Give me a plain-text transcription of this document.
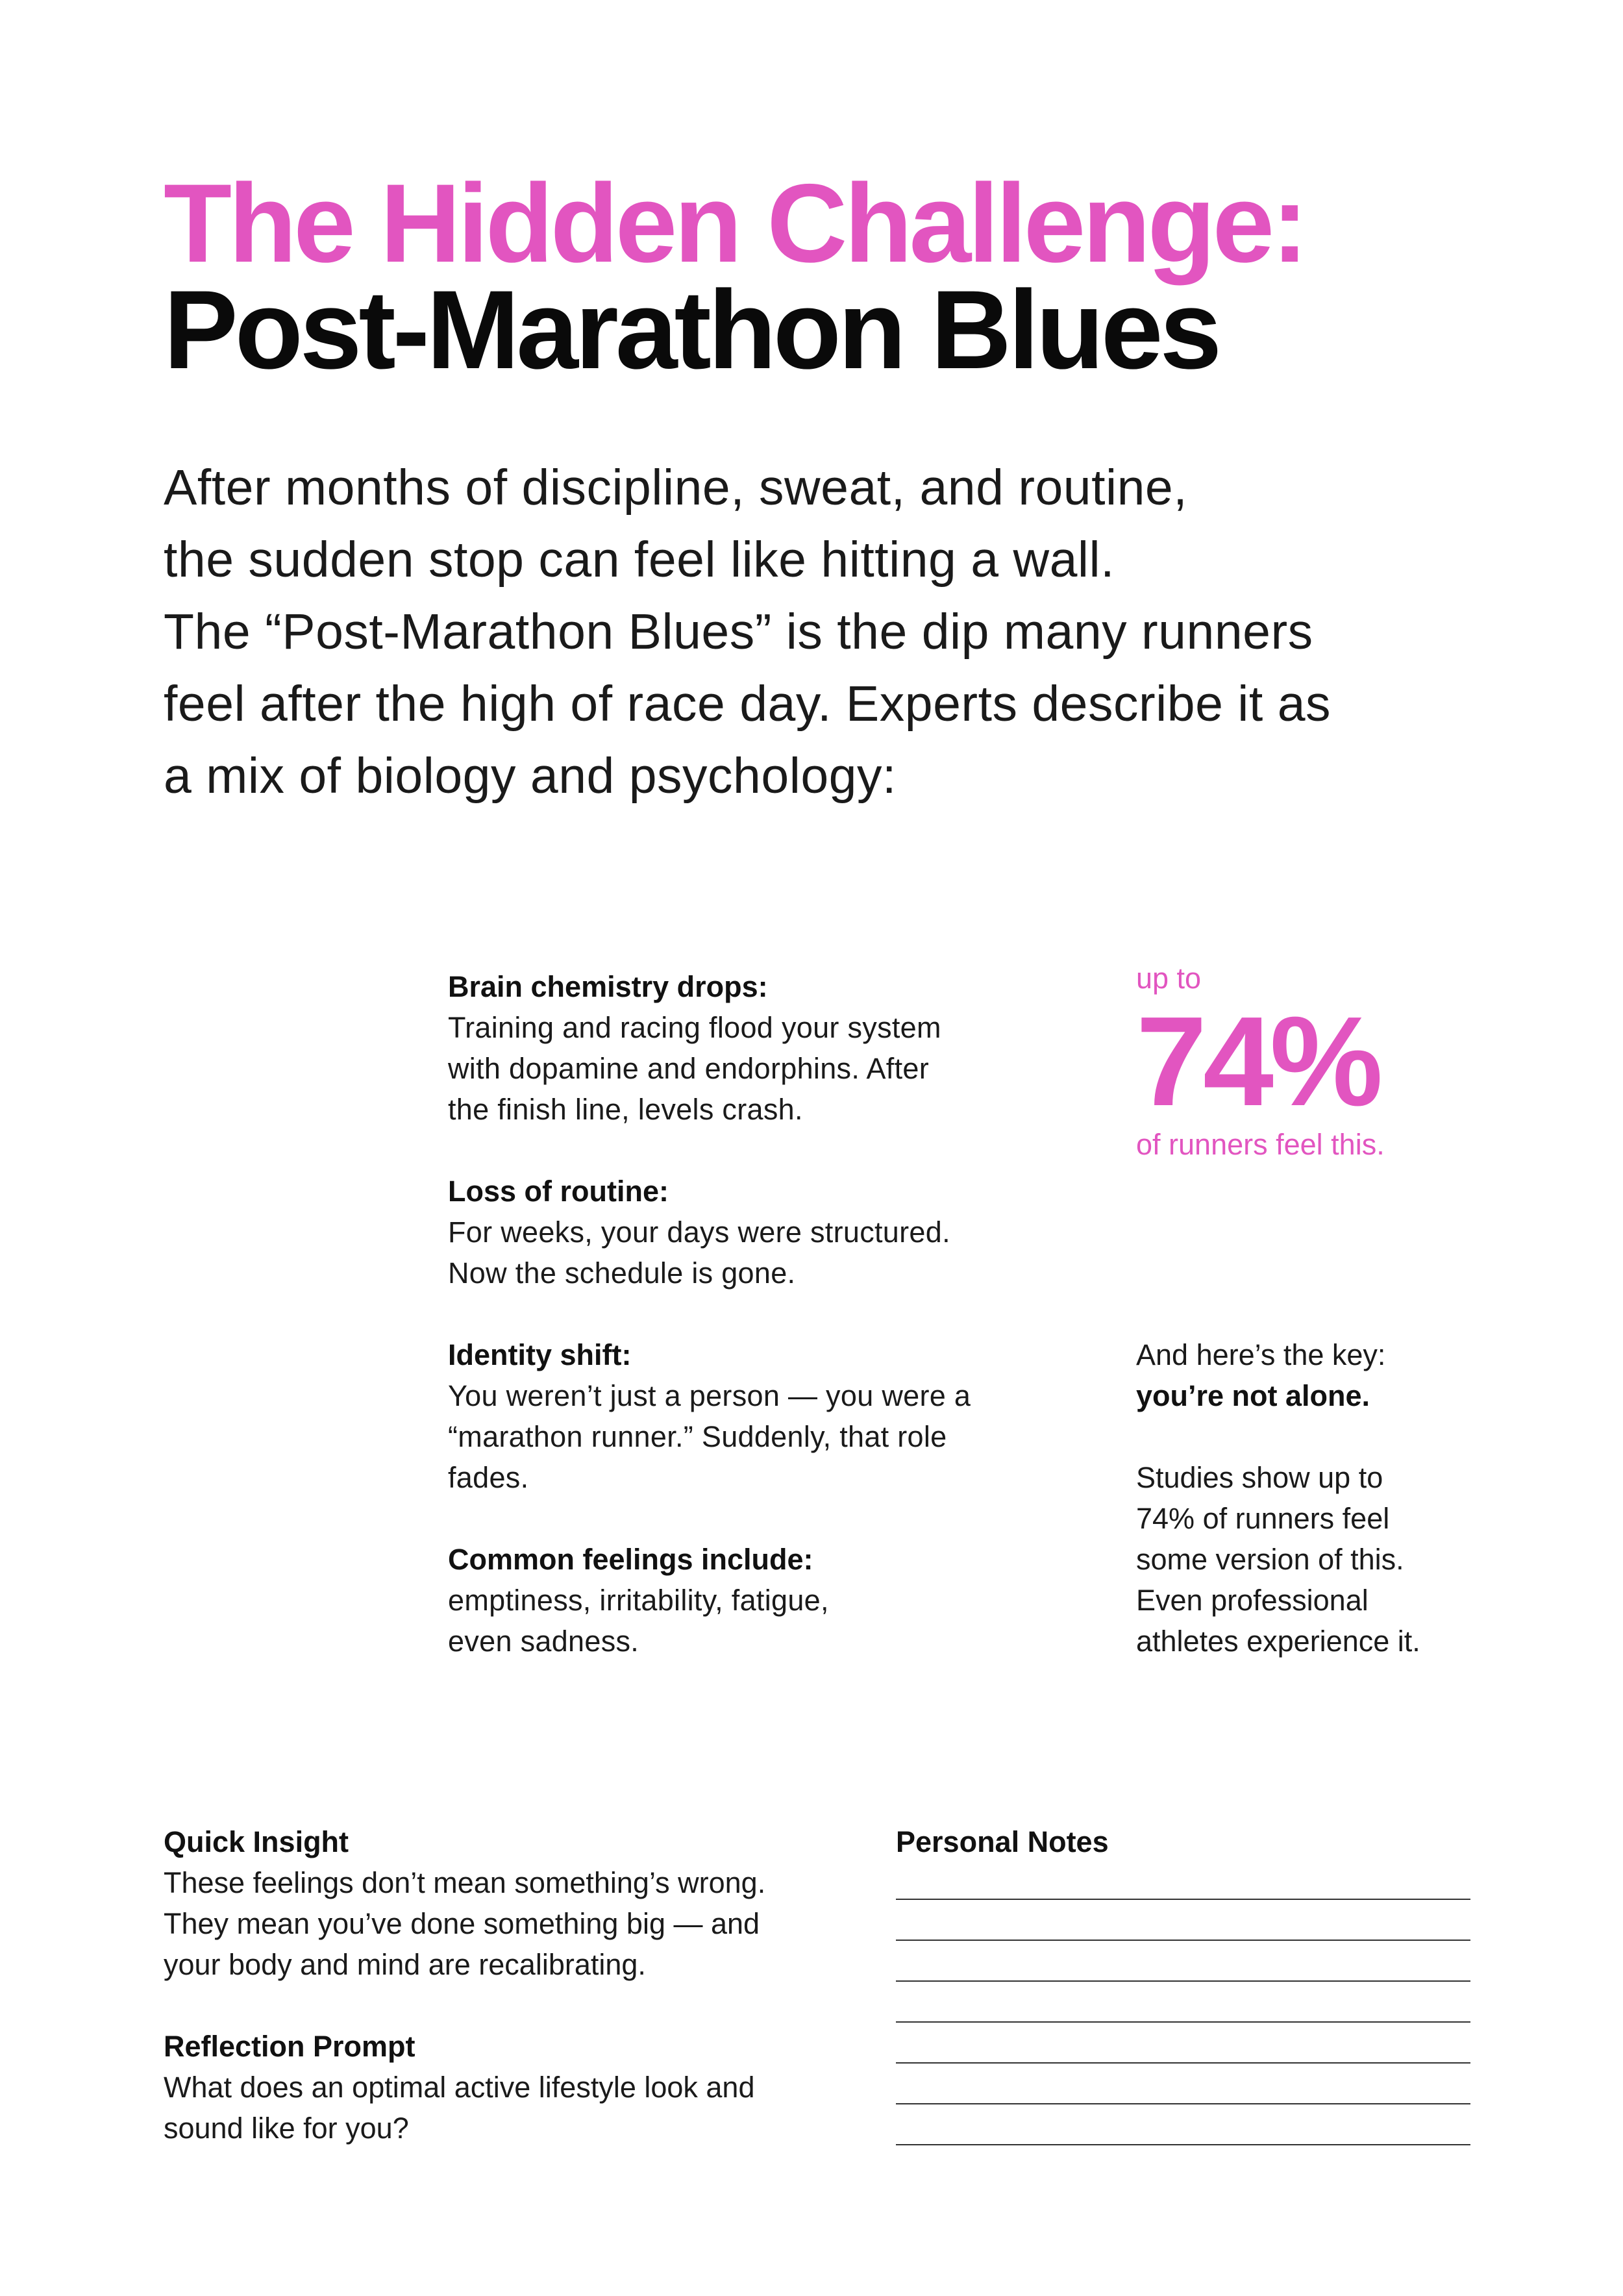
The Hidden Challenge:
Post-Marathon Blues

After months of discipline, sweat, and routine,
the sudden stop can feel like hitting a wall.
The “Post-Marathon Blues” is the dip many runners
feel after the high of race day. Experts describe it as
a mix of biology and psychology:

Brain chemistry drops:

Training and racing flood your system
with dopamine and endorphins. After
the finish line, levels crash.

Loss of routine:

For weeks, your days were structured.
Now the schedule is gone.

Identity shift:

You weren’t just a person — you were a
“marathon runner.” Suddenly, that role
fades.

Common feelings include:

emptiness, irritability, fatigue,
even sadness.

up to

74%

of runners feel this.

And here’s the key:

you’re not alone.

Studies show up to
74% of runners feel
some version of this.
Even professional
athletes experience it.

Quick Insight

These feelings don’t mean something’s wrong.
They mean you’ve done something big — and
your body and mind are recalibrating.

Reflection Prompt

What does an optimal active lifestyle look and
sound like for you?

Personal Notes
